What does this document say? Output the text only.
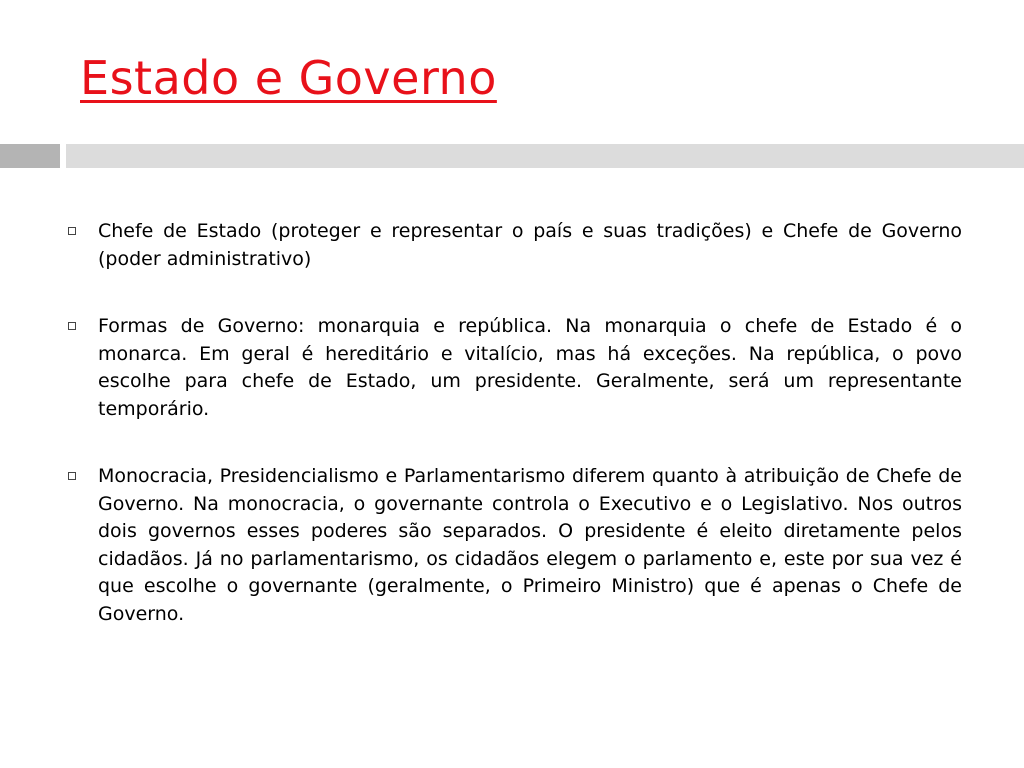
Estado e Governo
Chefe de Estado (proteger e representar o país e suas tradições) e Chefe de Governo (poder administrativo)
Formas de Governo: monarquia e república. Na monarquia o chefe de Estado é o monarca. Em geral é hereditário e vitalício, mas há exceções. Na república, o povo escolhe para chefe de Estado, um presidente. Geralmente, será um representante temporário.
Monocracia, Presidencialismo e Parlamentarismo diferem quanto à atribuição de Chefe de Governo. Na monocracia, o governante controla o Executivo e o Legislativo. Nos outros dois governos esses poderes são separados. O presidente é eleito diretamente pelos cidadãos. Já no parlamentarismo, os cidadãos elegem o parlamento e, este por sua vez é que escolhe o governante (geralmente, o Primeiro Ministro) que é apenas o Chefe de Governo.
